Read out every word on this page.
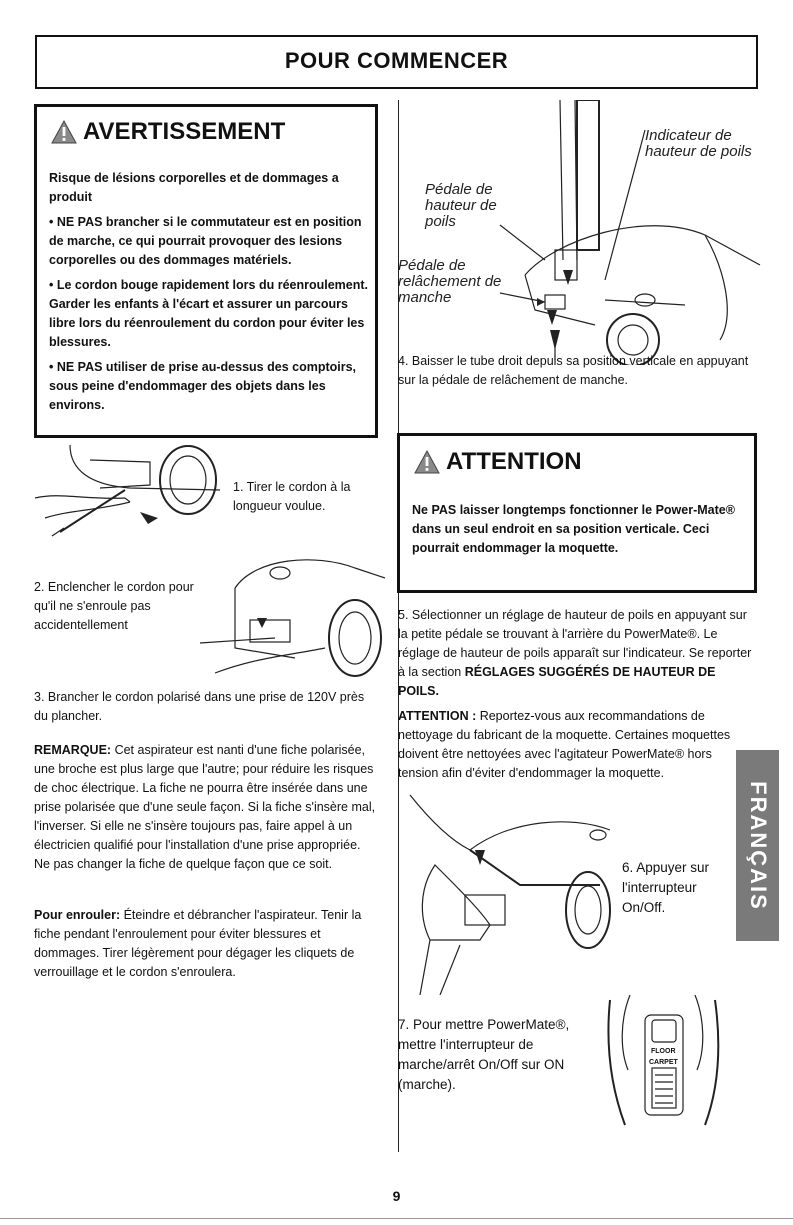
POUR COMMENCER
AVERTISSEMENT

Risque de lésions corporelles et de dommages a produit

• NE PAS brancher si le commutateur est en position de marche, ce qui pourrait provoquer des lesions corporelles ou des dommages matériels.

• Le cordon bouge rapidement lors du réenroulement. Garder les enfants à l'écart et assurer un parcours libre lors du réenroulement du cordon pour éviter les blessures.

• NE PAS utiliser de prise au-dessus des comptoirs, sous peine d'endommager des objets dans les environs.

1. Tirer le cordon à la longueur voulue.
2. Enclencher le cordon pour qu'il ne s'enroule pas accidentellement
3. Brancher le cordon polarisé dans une prise de 120V près du plancher.
REMARQUE: Cet aspirateur est nanti d'une fiche polarisée, une broche est plus large que l'autre; pour réduire les risques de choc électrique. La fiche ne pourra être insérée dans une prise polarisée que d'une seule façon. Si la fiche s'insère mal, l'inverser. Si elle ne s'insère toujours pas, faire appel à un électricien qualifié pour l'installation d'une prise appropriée. Ne pas changer la fiche de quelque façon que ce soit.
Pour enrouler: Éteindre et débrancher l'aspirateur. Tenir la fiche pendant l'enroulement pour éviter blessures et dommages. Tirer légèrement pour dégager les cliquets de verrouillage et le cordon s'enroulera.
Indicateur de hauteur de poils
Pédale de hauteur de poils
Pédale de relâchement de manche
4. Baisser le tube droit depuis sa position verticale en appuyant sur la pédale de relâchement de manche.
ATTENTION
Ne PAS laisser longtemps fonctionner le Power-Mate® dans un seul endroit en sa position verticale. Ceci pourrait endommager la moquette.
5. Sélectionner un réglage de hauteur de poils en appuyant sur la petite pédale se trouvant à l'arrière du PowerMate®. Le réglage de hauteur de poils apparaît sur l'indicateur. Se reporter à la section RÉGLAGES SUGGÉRÉS DE HAUTEUR DE POILS.
ATTENTION : Reportez-vous aux recommandations de nettoyage du fabricant de la moquette. Certaines moquettes doivent être nettoyées avec l'agitateur PowerMate® hors tension afin d'éviter d'endommager la moquette.
FRANÇAIS
6. Appuyer sur l'interrupteur On/Off.
7. Pour mettre PowerMate®, mettre l'interrupteur de marche/arrêt On/Off sur ON (marche).
FLOOR
CARPET
9
